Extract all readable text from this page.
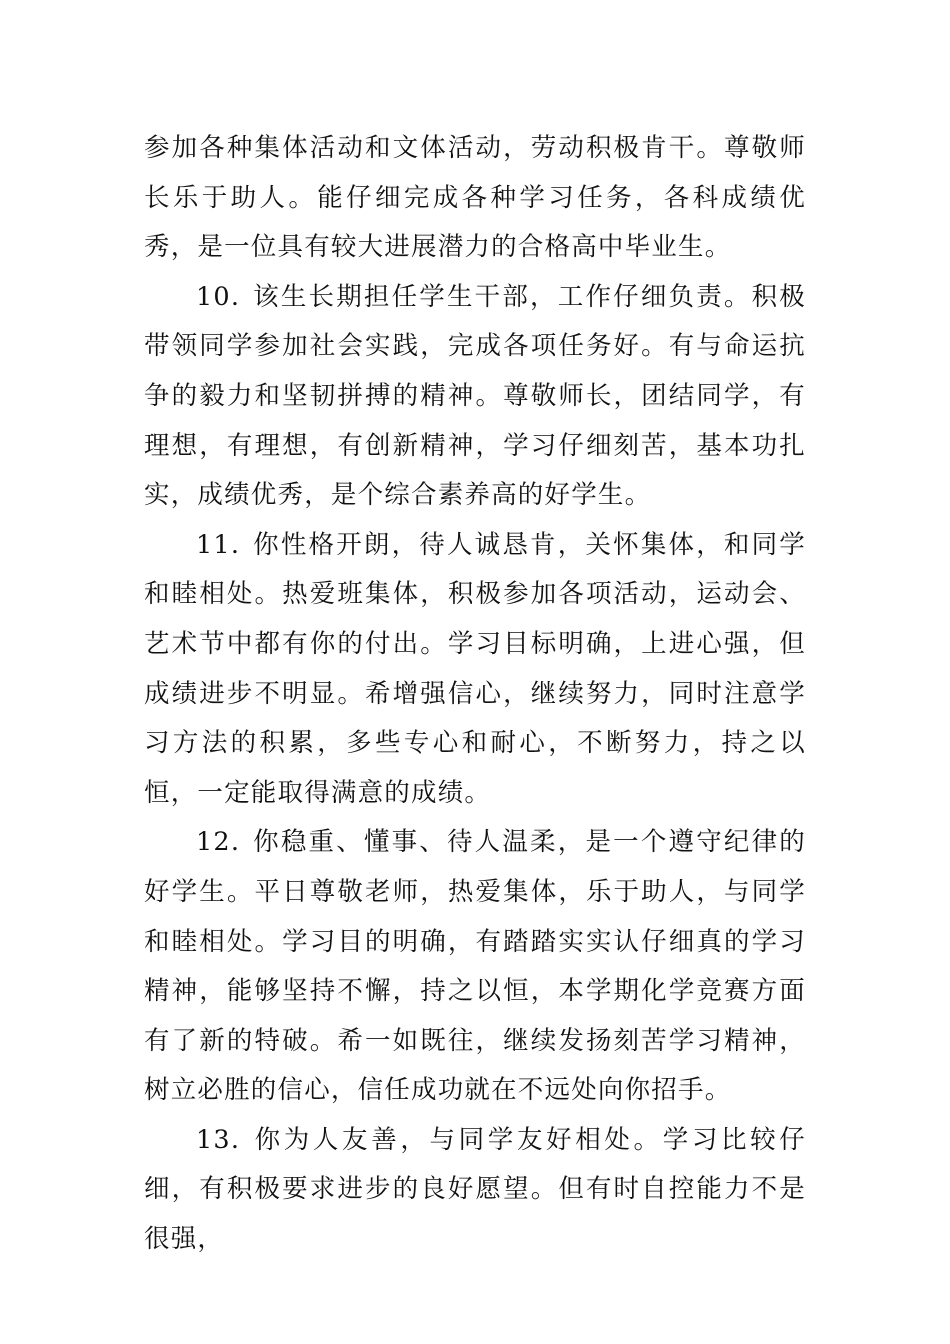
参加各种集体活动和文体活动，劳动积极肯干。尊敬师长乐于助人。能仔细完成各种学习任务，各科成绩优秀，是一位具有较大进展潜力的合格高中毕业生。

10. 该生长期担任学生干部，工作仔细负责。积极带领同学参加社会实践，完成各项任务好。有与命运抗争的毅力和坚韧拼搏的精神。尊敬师长，团结同学，有理想，有理想，有创新精神，学习仔细刻苦，基本功扎实，成绩优秀，是个综合素养高的好学生。

11. 你性格开朗，待人诚恳肯，关怀集体，和同学和睦相处。热爱班集体，积极参加各项活动，运动会、艺术节中都有你的付出。学习目标明确，上进心强，但成绩进步不明显。希增强信心，继续努力，同时注意学习方法的积累，多些专心和耐心，不断努力，持之以恒，一定能取得满意的成绩。

12. 你稳重、懂事、待人温柔，是一个遵守纪律的好学生。平日尊敬老师，热爱集体，乐于助人，与同学和睦相处。学习目的明确，有踏踏实实认仔细真的学习精神，能够坚持不懈，持之以恒，本学期化学竞赛方面有了新的特破。希一如既往，继续发扬刻苦学习精神，树立必胜的信心，信任成功就在不远处向你招手。

13. 你为人友善，与同学友好相处。学习比较仔细，有积极要求进步的良好愿望。但有时自控能力不是很强，
